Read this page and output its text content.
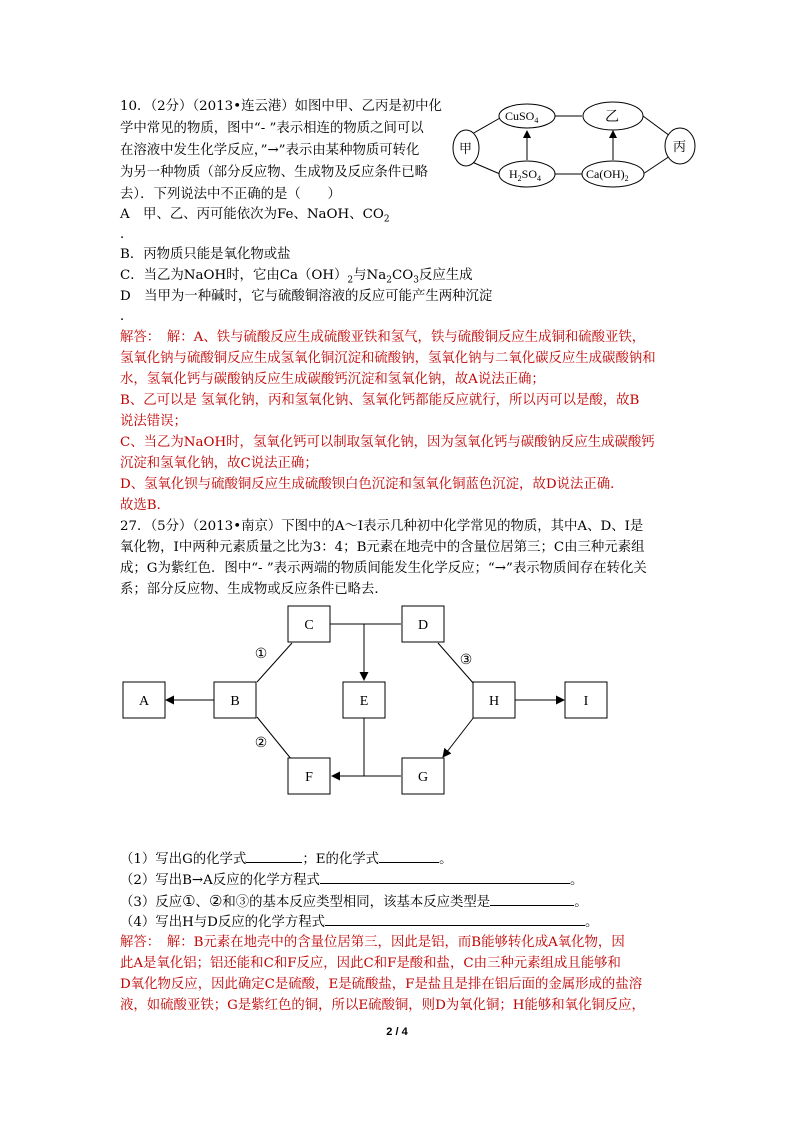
10．（2分）（2013•连云港）如图中甲、乙丙是初中化
学中常见的物质，图中“- ”表示相连的物质之间可以
在溶液中发生化学反应，”→”表示由某种物质可转化
为另一种物质（部分反应物、生成物及反应条件已略
去）．下列说法中不正确的是（　　）
CuSO$_4$	乙
甲	丙
$H_2SO_4$	$Ca(OH)_2$
A　甲、乙、丙可能依次为Fe、NaOH、$CO_2$
．
B．丙物质只能是氧化物或盐
C．当乙为NaOH时，它由$Ca(OH)_2$与$Na_2CO_3$反应生成
D　当甲为一种碱时，它与硫酸铜溶液的反应可能产生两种沉淀
．
解答：　解：A、铁与硫酸反应生成硫酸亚铁和氢气，铁与硫酸铜反应生成铜和硫酸亚铁，
氢氧化钠与硫酸铜反应生成氢氧化铜沉淀和硫酸钠，氢氧化钠与二氧化碳反应生成碳酸钠和
水，氢氧化钙与碳酸钠反应生成碳酸钙沉淀和氢氧化钠，故A说法正确；
B、乙可以是 氢氧化钠，丙和氢氧化钠、氢氧化钙都能反应就行，所以丙可以是酸，故B
说法错误；
C、当乙为NaOH时，氢氧化钙可以制取氢氧化钠，因为氢氧化钙与碳酸钠反应生成碳酸钙
沉淀和氢氧化钠，故C说法正确；
D、氢氧化钡与硫酸铜反应生成硫酸钡白色沉淀和氢氧化铜蓝色沉淀，故D说法正确．
故选B．
27．（5分）（2013•南京）下图中的A～I表示几种初中化学常见的物质，其中A、D、I是
氧化物，I中两种元素质量之比为3：4；B元素在地壳中的含量位居第三；C由三种元素组
成；G为紫红色．图中“- ”表示两端的物质间能发生化学反应；“→”表示物质间存在转化关
系；部分反应物、生成物或反应条件已略去．
A	B
C	D
E
F	G
H	I
①
②
③
（1）写出G的化学式	；E的化学式	。
（2）写出B→A反应的化学方程式	。
（3）反应①、②和③的基本反应类型相同，该基本反应类型是	。
（4）写出H与D反应的化学方程式	。
解答：　解：B元素在地壳中的含量位居第三，因此是铝，而B能够转化成A氧化物，因
此A是氧化铝；铝还能和C和F反应，因此C和F是酸和盐，C由三种元素组成且能够和
D氧化物反应，因此确定C是硫酸，E是硫酸盐，F是盐且是排在铝后面的金属形成的盐溶
液，如硫酸亚铁；G是紫红色的铜，所以E硫酸铜，则D为氧化铜；H能够和氧化铜反应，
2 / 4
